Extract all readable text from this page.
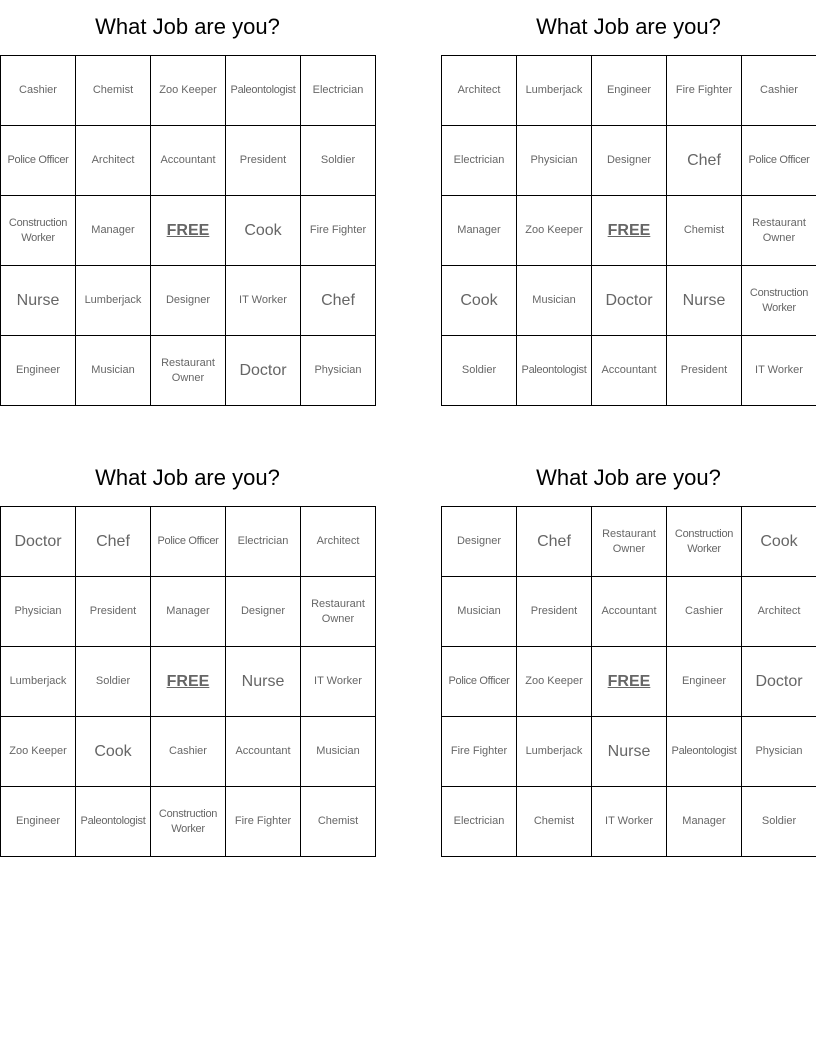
What Job are you?
Cashier	Chemist	Zoo Keeper	Paleontologist	Electrician
Police Officer	Architect	Accountant	President	Soldier
Construction Worker	Manager	FREE	Cook	Fire Fighter
Nurse	Lumberjack	Designer	IT Worker	Chef
Engineer	Musician	Restaurant Owner	Doctor	Physician
What Job are you?
Architect	Lumberjack	Engineer	Fire Fighter	Cashier
Electrician	Physician	Designer	Chef	Police Officer
Manager	Zoo Keeper	FREE	Chemist	Restaurant Owner
Cook	Musician	Doctor	Nurse	Construction Worker
Soldier	Paleontologist	Accountant	President	IT Worker
What Job are you?
Doctor	Chef	Police Officer	Electrician	Architect
Physician	President	Manager	Designer	Restaurant Owner
Lumberjack	Soldier	FREE	Nurse	IT Worker
Zoo Keeper	Cook	Cashier	Accountant	Musician
Engineer	Paleontologist	Construction Worker	Fire Fighter	Chemist
What Job are you?
Designer	Chef	Restaurant Owner	Construction Worker	Cook
Musician	President	Accountant	Cashier	Architect
Police Officer	Zoo Keeper	FREE	Engineer	Doctor
Fire Fighter	Lumberjack	Nurse	Paleontologist	Physician
Electrician	Chemist	IT Worker	Manager	Soldier
